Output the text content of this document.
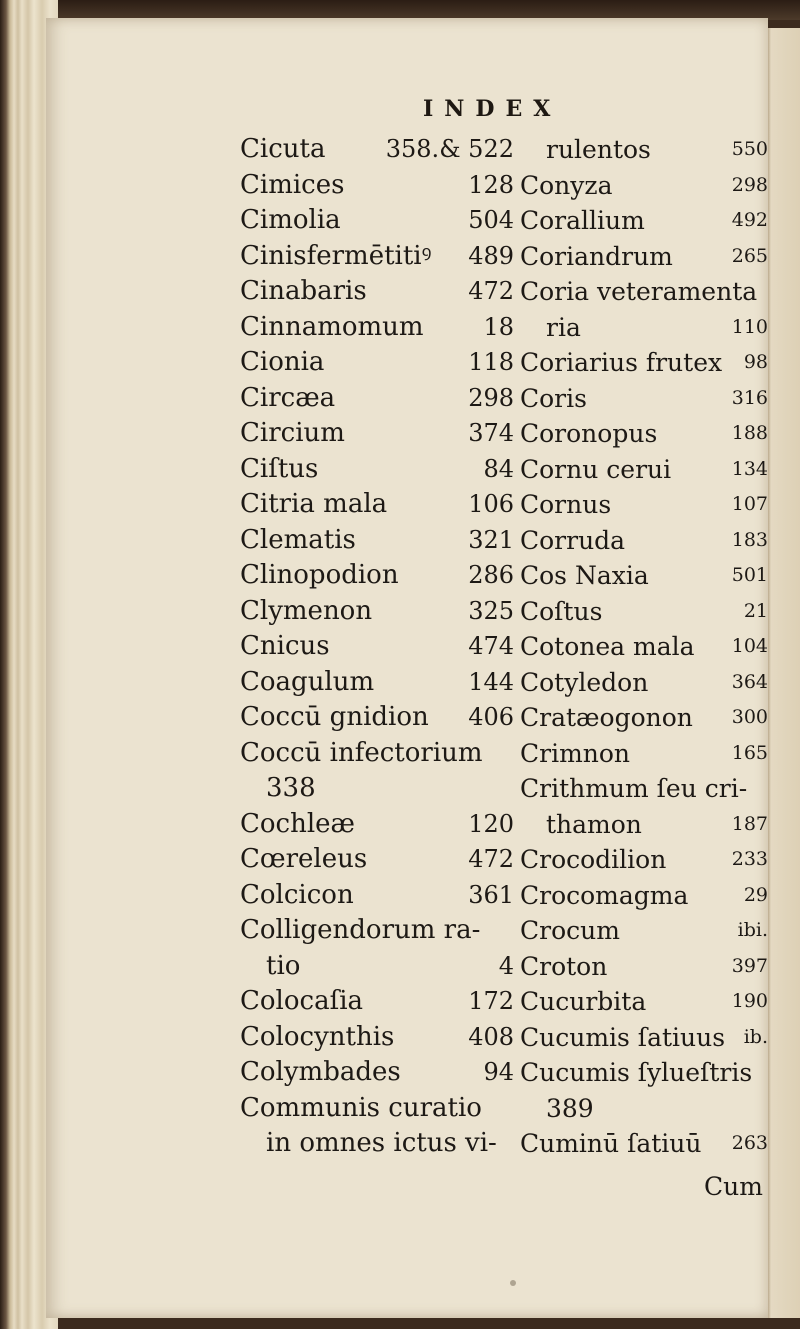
INDEX
Cicuta	358.& 522
Cimices	128
Cimolia	504
Cinisfermētitiꝰ 489
Cinabaris	472
Cinnamomum 18
Cionia	118
Circæa	298
Circium	374
Ciſtus	84
Citria mala	106
Clematis	321
Clinopodion	286
Clymenon	325
Cnicus	474
Coagulum	144
Coccū gnidion 406
Coccū infectorium
338
Cochleæ	120
Cœreleus	472
Colcicon	361
Colligendorum ra-
tio	4
Colocaſia	172
Colocynthis	408
Colymbades	94
Communis curatio
in omnes ictus vi-
rulentos	550
Conyza	298
Corallium	492
Coriandrum	265
Coria veteramenta
ria	110
Coriarius frutex 98
Coris	316
Coronopus	188
Cornu cerui	134
Cornus	107
Corruda	183
Cos Naxia	501
Coſtus	21
Cotonea mala 104
Cotyledon	364
Cratæogonon 300
Crimnon	165
Crithmum ſeu cri-
thamon	187
Crocodilion	233
Crocomagma	29
Crocum	ibi.
Croton	397
Cucurbita	190
Cucumis ſatiuus ib.
Cucumis ſylueſtris
389
Cuminū ſatiuū 263
Cum
